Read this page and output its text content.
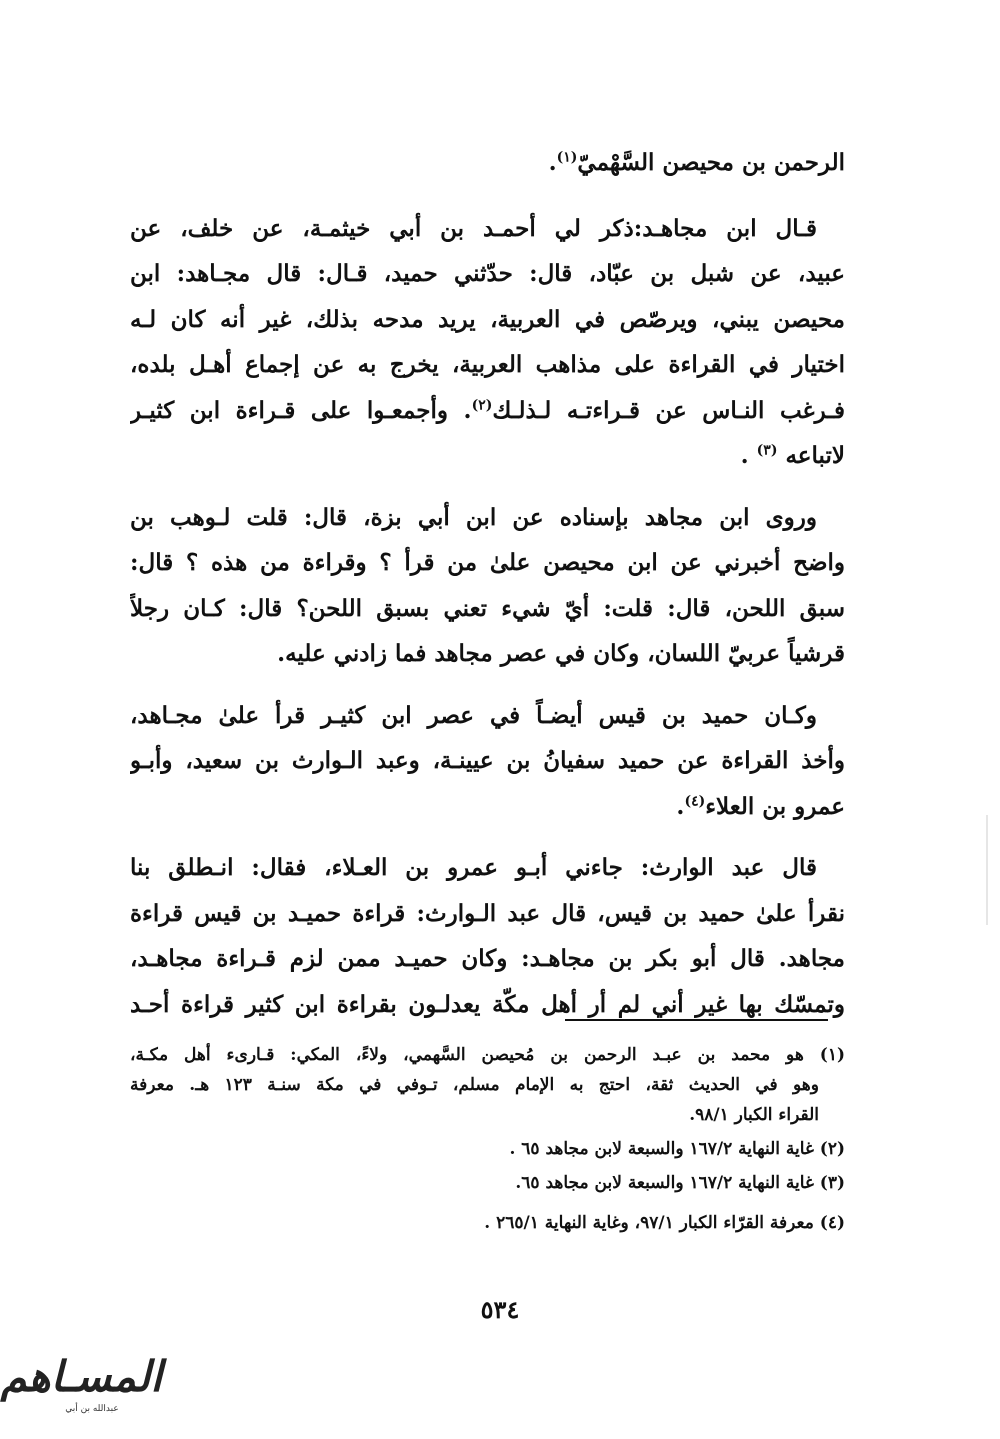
الرحمن بن محيصن السَّهْميّ$^{(١)}$.
قـال ابن مجاهـد:ذكر لي أحمـد بن أبي خيثمـة، عن خلف، عن
عبيد، عن شبل بن عبّاد، قال: حدّثني حميد، قـال: قال مجـاهد: ابن
محيصن يبني، ويرصّص في العربية، يريد مدحه بذلك، غير أنه كان لـه
اختيار في القراءة على مذاهب العربية، يخرج به عن إجماع أهـل بلده،
فـرغب النـاس عن قـراءتـه لـذلـك$^{(٢)}$. وأجمعـوا على قـراءة ابن كثيـر
لاتباعه $^{(٣)}$ .
وروى ابن مجاهد بإسناده عن ابن أبي بزة، قال: قلت لـوهب بن
واضح أخبرني عن ابن محيصن علىٰ من قرأ ؟ وقراءة من هذه ؟ قال:
سبق اللحن، قال: قلت: أيّ شيء تعني بسبق اللحن؟ قال: كـان رجلاً
قرشياً عربيّ اللسان، وكان في عصر مجاهد فما زادني عليه.
وكـان حميد بن قيس أيضـاً في عصر ابن كثيـر قرأ علىٰ مجـاهد،
وأخذ القراءة عن حميد سفيانُ بن عيينـة، وعبد الـوارث بن سعيد، وأبـو
عمرو بن العلاء$^{(٤)}$.
قال عبد الوارث: جاءني أبـو عمرو بن العـلاء، فقال: انـطلق بنا
نقرأ علىٰ حميد بن قيس، قال عبد الـوارث: قراءة حميـد بن قيس قراءة
مجاهد. قال أبو بكر بن مجاهـد: وكان حميـد ممن لزم قـراءة مجاهـد،
وتمسّك بها غير أني لم أر أهل مكّة يعدلـون بقراءة ابن كثير قراءة أحـد

(١) هو محمد بن عبـد الرحمن بن مُحيصن السَّهمي، ولاءً، المكي: قـارىء أهل مكـة،

وهو في الحديث ثقة، احتج به الإمام مسلم، تـوفي في مكة سنـة ١٢٣ هـ. معرفة

القراء الكبار ٩٨/١.

(٢) غاية النهاية ١٦٧/٢ والسبعة لابن مجاهد ٦٥ .

(٣) غاية النهاية ١٦٧/٢ والسبعة لابن مجاهد ٦٥.

(٤) معرفة القرّاء الكبار ٩٧/١، وغاية النهاية ٢٦٥/١ .

٥٣٤
المسـاهم
عبدالله بن أبي
